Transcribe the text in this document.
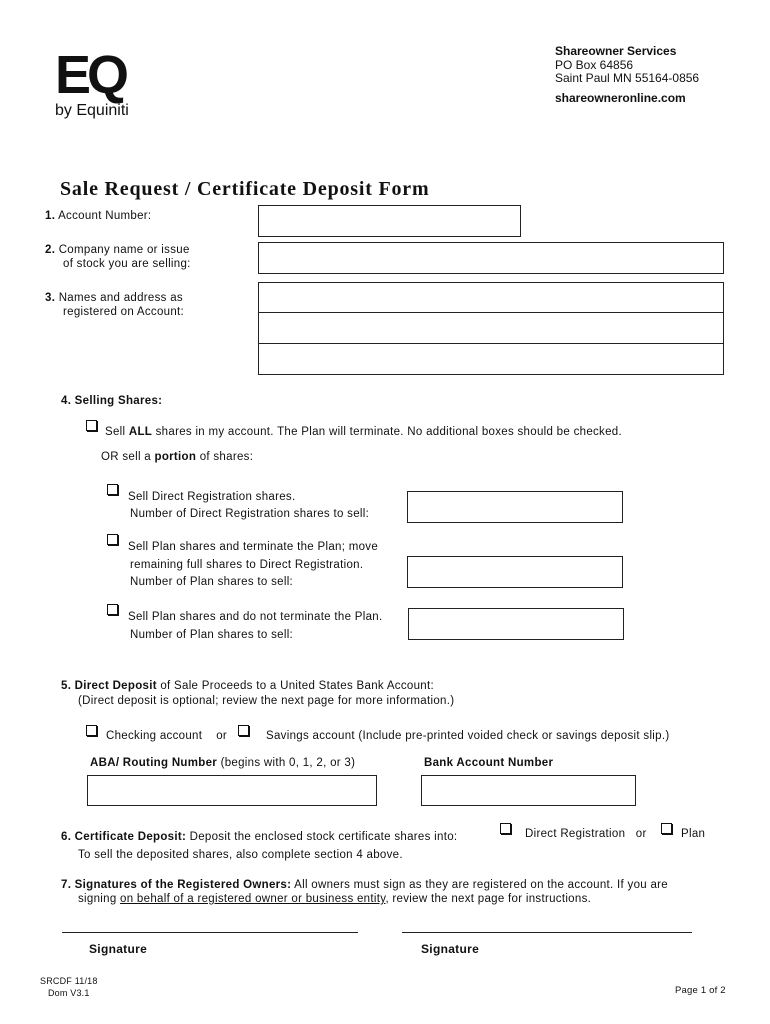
EQ
by Equiniti
Shareowner Services
PO Box 64856
Saint Paul MN 55164-0856
shareowneronline.com
Sale Request / Certificate Deposit Form
1. Account Number:
2. Company name or issue
of stock you are selling:
3. Names and address as
registered on Account:
4. Selling Shares:
Sell ALL shares in my account. The Plan will terminate. No additional boxes should be checked.
OR sell a portion of shares:
Sell Direct Registration shares.
Number of Direct Registration shares to sell:
Sell Plan shares and terminate the Plan; move
remaining full shares to Direct Registration.
Number of Plan shares to sell:
Sell Plan shares and do not terminate the Plan.
Number of Plan shares to sell:
5. Direct Deposit of Sale Proceeds to a United States Bank Account:
(Direct deposit is optional; review the next page for more information.)
Checking account or	Savings account (Include pre-printed voided check or savings deposit slip.)
ABA/ Routing Number (begins with 0, 1, 2, or 3)	Bank Account Number
6. Certificate Deposit: Deposit the enclosed stock certificate shares into:
To sell the deposited shares, also complete section 4 above.
Direct Registration or	Plan
7. Signatures of the Registered Owners: All owners must sign as they are registered on the account. If you are
signing on behalf of a registered owner or business entity, review the next page for instructions.
Signature	Signature
SRCDF 11/18
Dom V3.1	Page 1 of 2
